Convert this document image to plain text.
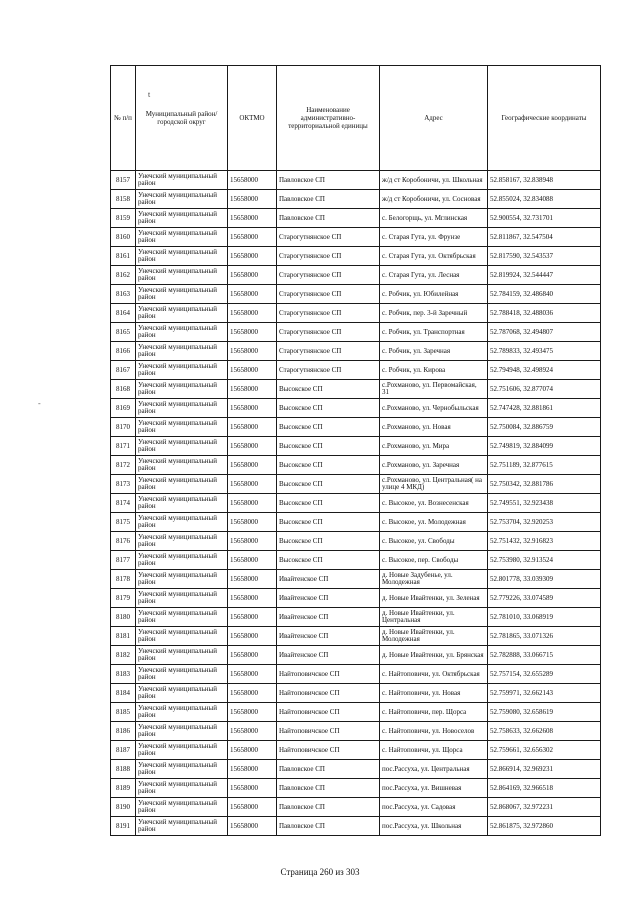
t
-
№ п/п	Муниципальный район/городской округ	ОКТМО	Наименование административно-территориальной единицы	Адрес	Географические координаты
8157	Унечский муниципальный район	15658000	Павловское СП	ж/д ст Коробоничи, ул. Школьная	52.858167, 32.838948
8158	Унечский муниципальный район	15658000	Павловское СП	ж/д ст Коробоничи, ул. Сосновая	52.855024, 32.834088
8159	Унечский муниципальный район	15658000	Павловское СП	с. Белогорщь, ул. Мглинская	52.900554, 32.731701
8160	Унечский муниципальный район	15658000	Старогутнянское СП	с. Старая Гута, ул. Фрунзе	52.811867, 32.547504
8161	Унечский муниципальный район	15658000	Старогутнянское СП	с. Старая Гута, ул. Октябрьская	52.817590, 32.543537
8162	Унечский муниципальный район	15658000	Старогутнянское СП	с. Старая Гута, ул. Лесная	52.819924, 32.544447
8163	Унечский муниципальный район	15658000	Старогутнянское СП	с. Робчик, ул. Юбилейная	52.784159, 32.486840
8164	Унечский муниципальный район	15658000	Старогутнянское СП	с. Робчик, пер. 3-й Заречный	52.788418, 32.488036
8165	Унечский муниципальный район	15658000	Старогутнянское СП	с. Робчик, ул. Транспортная	52.787068, 32.494807
8166	Унечский муниципальный район	15658000	Старогутнянское СП	с. Робчик, ул. Заречная	52.789833, 32.493475
8167	Унечский муниципальный район	15658000	Старогутнянское СП	с. Робчик, ул. Кирова	52.794948, 32.498924
8168	Унечский муниципальный район	15658000	Высокское СП	с.Рохманово, ул. Первомайская, 31	52.751606, 32.877074
8169	Унечский муниципальный район	15658000	Высокское СП	с.Рохманово, ул. Чернобыльская	52.747428, 32.881861
8170	Унечский муниципальный район	15658000	Высокское СП	с.Рохманово, ул. Новая	52.750084, 32.886759
8171	Унечский муниципальный район	15658000	Высокское СП	с.Рохманово, ул. Мира	52.749819, 32.884099
8172	Унечский муниципальный район	15658000	Высокское СП	с.Рохманово, ул. Заречная	52.751189, 32.877615
8173	Унечский муниципальный район	15658000	Высокское СП	с.Рохманово, ул. Центральная( на улице 4 МКД)	52.750342, 32.881786
8174	Унечский муниципальный район	15658000	Высокское СП	с. Высокое, ул. Вознесенская	52.749551, 32.923438
8175	Унечский муниципальный район	15658000	Высокское СП	с. Высокое, ул. Молодежная	52.753704, 32.920253
8176	Унечский муниципальный район	15658000	Высокское СП	с. Высокое, ул. Свободы	52.751432, 32.916823
8177	Унечский муниципальный район	15658000	Высокское СП	с. Высокое, пер. Свободы	52.753980, 32.913524
8178	Унечский муниципальный район	15658000	Ивайтенское СП	д. Новые Задубенье, ул. Молодежная	52.801778, 33.039309
8179	Унечский муниципальный район	15658000	Ивайтенское СП	д. Новые Ивайтенки, ул. Зеленая	52.779226, 33.074589
8180	Унечский муниципальный район	15658000	Ивайтенское СП	д. Новые Ивайтенки, ул. Центральная	52.781010, 33.068919
8181	Унечский муниципальный район	15658000	Ивайтенское СП	д. Новые Ивайтенки, ул. Молодежная	52.781865, 33.071326
8182	Унечский муниципальный район	15658000	Ивайтенское СП	д. Новые Ивайтенки, ул. Брянская	52.782888, 33.066715
8183	Унечский муниципальный район	15658000	Найтоповичское СП	с. Найтоповичи, ул. Октябрьская	52.757154, 32.655289
8184	Унечский муниципальный район	15658000	Найтоповичское СП	с. Найтоповичи, ул. Новая	52.759971, 32.662143
8185	Унечский муниципальный район	15658000	Найтоповичское СП	с. Найтоповичи, пер. Щорса	52.759080, 32.658619
8186	Унечский муниципальный район	15658000	Найтоповичское СП	с. Найтоповичи, ул. Новоселов	52.758633, 32.662608
8187	Унечский муниципальный район	15658000	Найтоповичское СП	с. Найтоповичи, ул. Щорса	52.759661, 32.656302
8188	Унечский муниципальный район	15658000	Павловское СП	пос.Рассуха, ул. Центральная	52.866914, 32.969231
8189	Унечский муниципальный район	15658000	Павловское СП	пос.Рассуха, ул. Вишневая	52.864169, 32.966518
8190	Унечский муниципальный район	15658000	Павловское СП	пос.Рассуха, ул. Садовая	52.868067, 32.972231
8191	Унечский муниципальный район	15658000	Павловское СП	пос.Рассуха, ул. Школьная	52.861875, 32.972860
Страница 260 из 303
